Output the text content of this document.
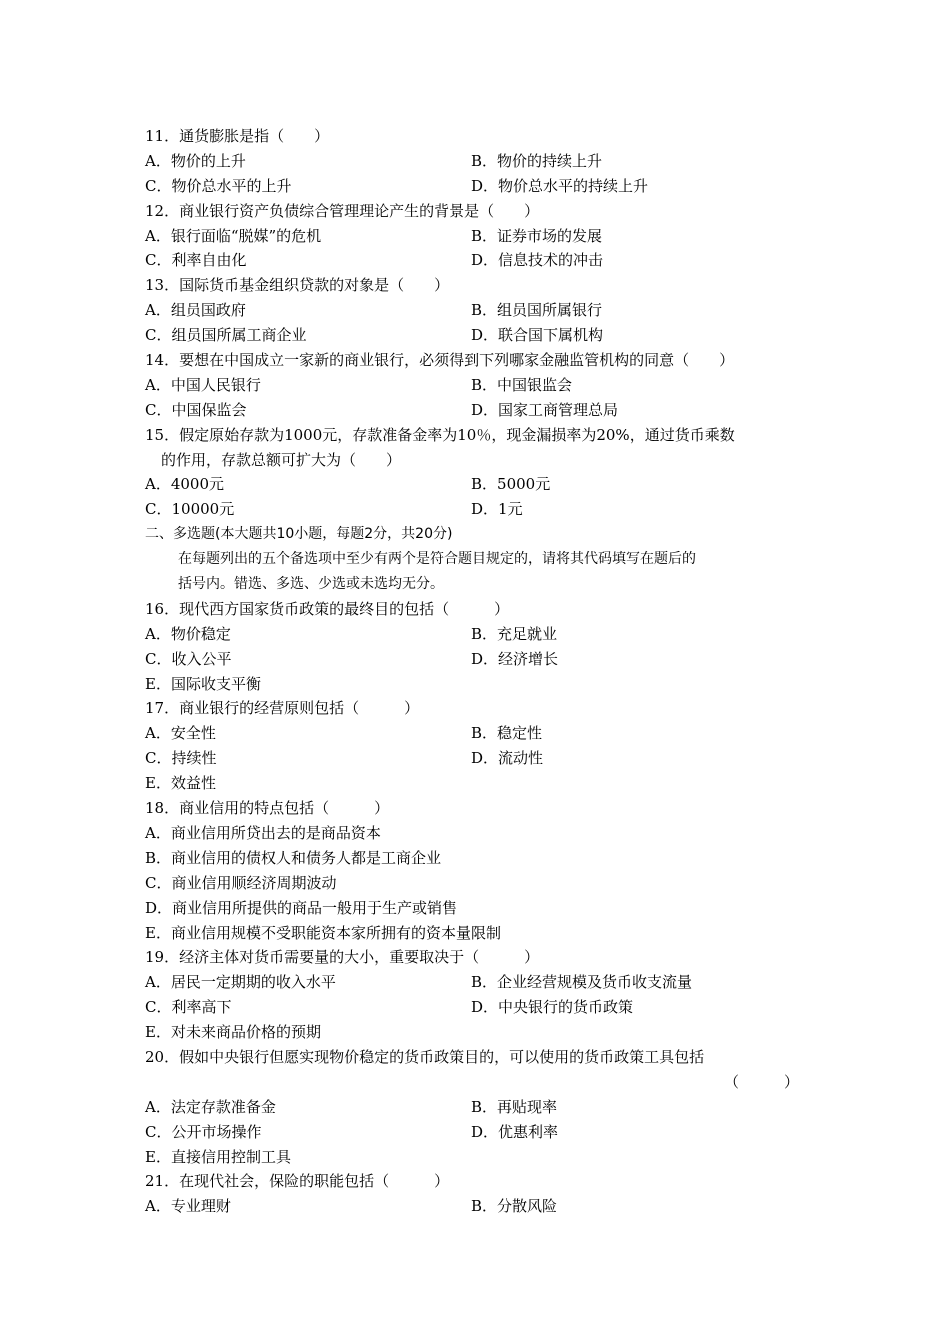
11．通货膨胀是指（　　）
A．物价的上升	B．物价的持续上升
C．物价总水平的上升	D．物价总水平的持续上升
12．商业银行资产负债综合管理理论产生的背景是（　　）
A．银行面临“脱媒”的危机	B．证券市场的发展
C．利率自由化	D．信息技术的冲击
13．国际货币基金组织贷款的对象是（　　）
A．组员国政府	B．组员国所属银行
C．组员国所属工商企业	D．联合国下属机构
14．要想在中国成立一家新的商业银行，必须得到下列哪家金融监管机构的同意（　　）
A．中国人民银行	B．中国银监会
C．中国保监会	D．国家工商管理总局
15．假定原始存款为1000元，存款准备金率为10％，现金漏损率为20%，通过货币乘数
的作用，存款总额可扩大为（　　）
A．4000元	B．5000元
C．10000元	D．1元
二、多选题(本大题共10小题，每题2分，共20分)
在每题列出的五个备选项中至少有两个是符合题目规定的，请将其代码填写在题后的
括号内。错选、多选、少选或未选均无分。
16．现代西方国家货币政策的最终目的包括（　　　）
A．物价稳定	B．充足就业
C．收入公平	D．经济增长
E．国际收支平衡
17．商业银行的经营原则包括（　　　）
A．安全性	B．稳定性
C．持续性	D．流动性
E．效益性
18．商业信用的特点包括（　　　）
A．商业信用所贷出去的是商品资本
B．商业信用的债权人和债务人都是工商企业
C．商业信用顺经济周期波动
D．商业信用所提供的商品一般用于生产或销售
E．商业信用规模不受职能资本家所拥有的资本量限制
19．经济主体对货币需要量的大小，重要取决于（　　　）
A．居民一定期期的收入水平	B．企业经营规模及货币收支流量
C．利率高下	D．中央银行的货币政策
E．对未来商品价格的预期
20．假如中央银行但愿实现物价稳定的货币政策目的，可以使用的货币政策工具包括
（　　　）
A．法定存款准备金	B．再贴现率
C．公开市场操作	D．优惠利率
E．直接信用控制工具
21．在现代社会，保险的职能包括（　　　）
A．专业理财	B．分散风险
